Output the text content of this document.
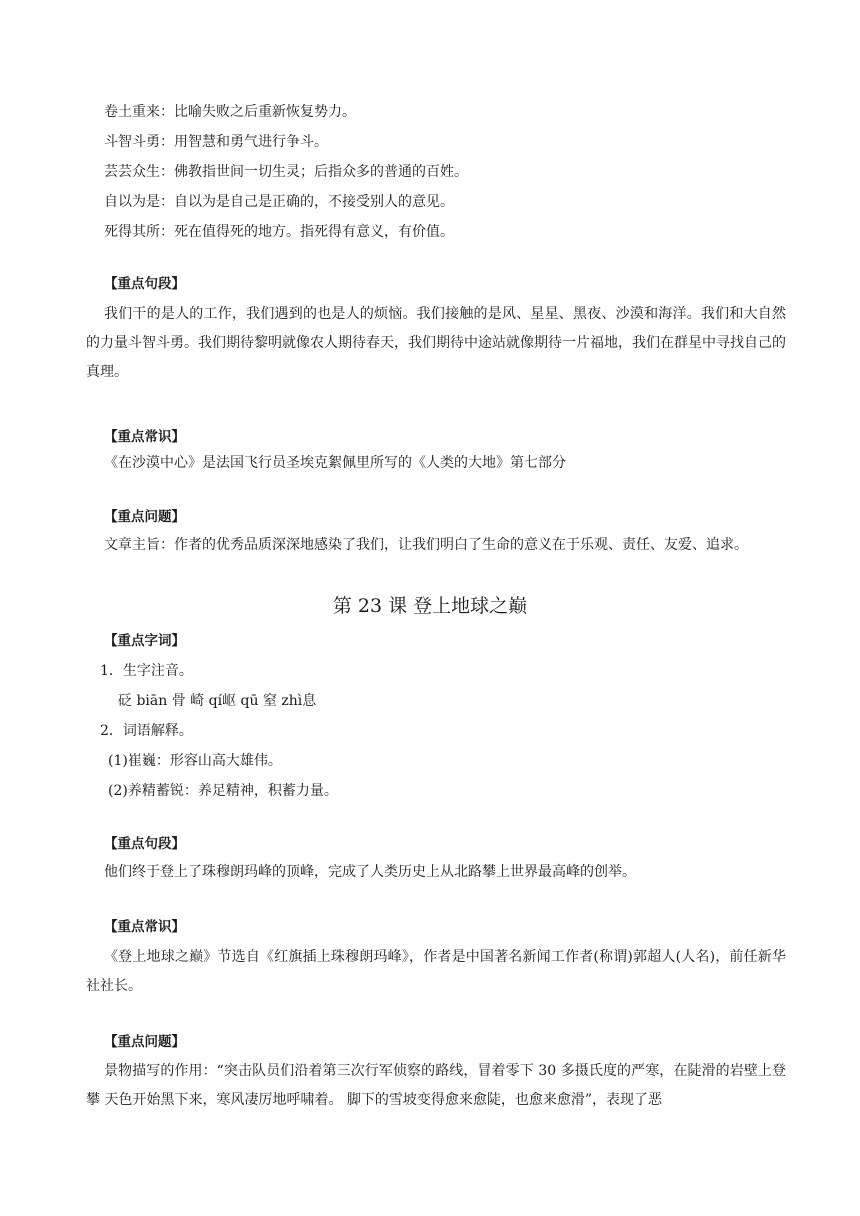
卷土重来：比喻失败之后重新恢复势力。
斗智斗勇：用智慧和勇气进行争斗。
芸芸众生：佛教指世间一切生灵；后指众多的普通的百姓。
自以为是：自以为是自己是正确的，不接受别人的意见。
死得其所：死在值得死的地方。指死得有意义，有价值。
【重点句段】

我们干的是人的工作，我们遇到的也是人的烦恼。我们接触的是风、星星、黑夜、沙漠和海洋。我们和大自然的力量斗智斗勇。我们期待黎明就像农人期待春天，我们期待中途站就像期待一片福地，我们在群星中寻找自己的真理。

【重点常识】
《在沙漠中心》是法国飞行员圣埃克絮佩里所写的《人类的大地》第七部分
【重点问题】
文章主旨：作者的优秀品质深深地感染了我们，让我们明白了生命的意义在于乐观、责任、友爱、追求。
第 23 课 登上地球之巅
【重点字词】
1．生字注音。
砭 biān 骨 崎 qí岖 qū 窒 zhì息
2．词语解释。
(1)崔巍：形容山高大雄伟。
(2)养精蓄锐：养足精神，积蓄力量。
【重点句段】
他们终于登上了珠穆朗玛峰的顶峰，完成了人类历史上从北路攀上世界最高峰的创举。
【重点常识】

《登上地球之巅》节选自《红旗插上珠穆朗玛峰》，作者是中国著名新闻工作者(称谓)郭超人(人名)，前任新华社社长。

【重点问题】

景物描写的作用：“突击队员们沿着第三次行军侦察的路线，冒着零下 30 多摄氏度的严寒，在陡滑的岩壁上登攀 天色开始黑下来，寒风凄厉地呼啸着。 脚下的雪坡变得愈来愈陡，也愈来愈滑”，表现了恶
